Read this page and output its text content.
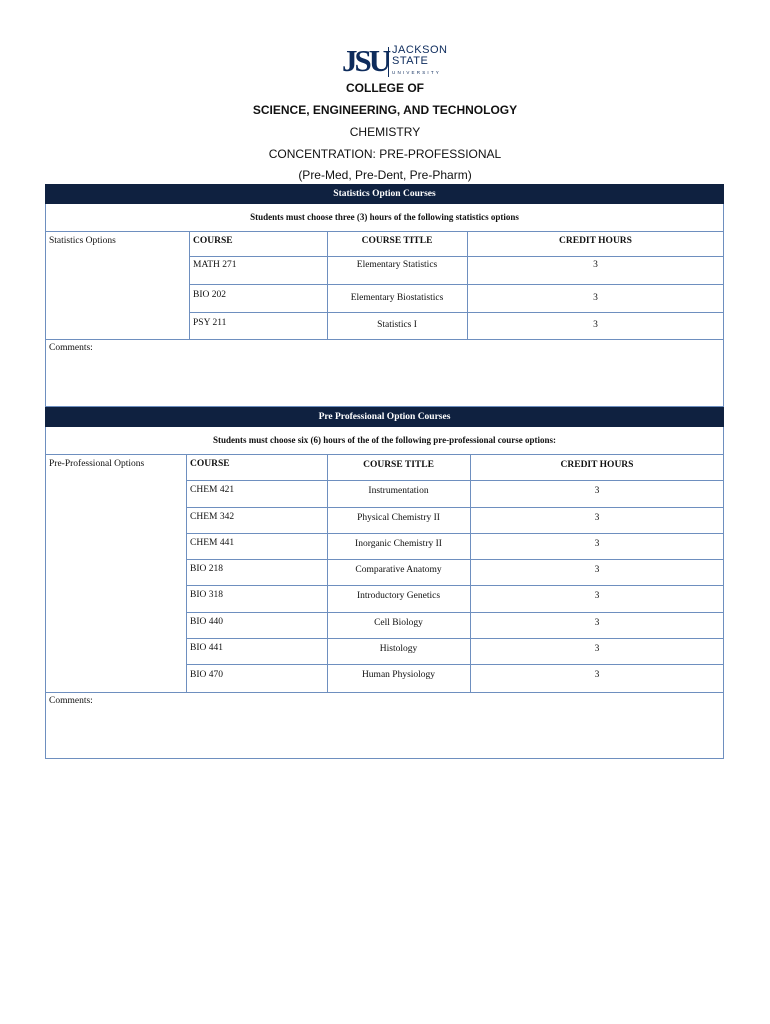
JSU JACKSON
STATE
UNIVERSITY
COLLEGE OF
SCIENCE, ENGINEERING, AND TECHNOLOGY
CHEMISTRY
CONCENTRATION: PRE-PROFESSIONAL
(Pre-Med, Pre-Dent, Pre-Pharm)
Statistics Option Courses
Students must choose three (3) hours of the following statistics options
Statistics Options	COURSE	COURSE TITLE	CREDIT HOURS
MATH 271	Elementary Statistics	3
BIO 202	Elementary Biostatistics	3
PSY 211	Statistics I	3
Comments:
Pre Professional Option Courses
Students must choose six (6) hours of the of the following pre-professional course options:
Pre-Professional Options	COURSE	COURSE TITLE	CREDIT HOURS
CHEM 421	Instrumentation	3
CHEM 342	Physical Chemistry II	3
CHEM 441	Inorganic Chemistry II	3
BIO 218	Comparative Anatomy	3
BIO 318	Introductory Genetics	3
BIO 440	Cell Biology	3
BIO 441	Histology	3
BIO 470	Human Physiology	3
Comments:
